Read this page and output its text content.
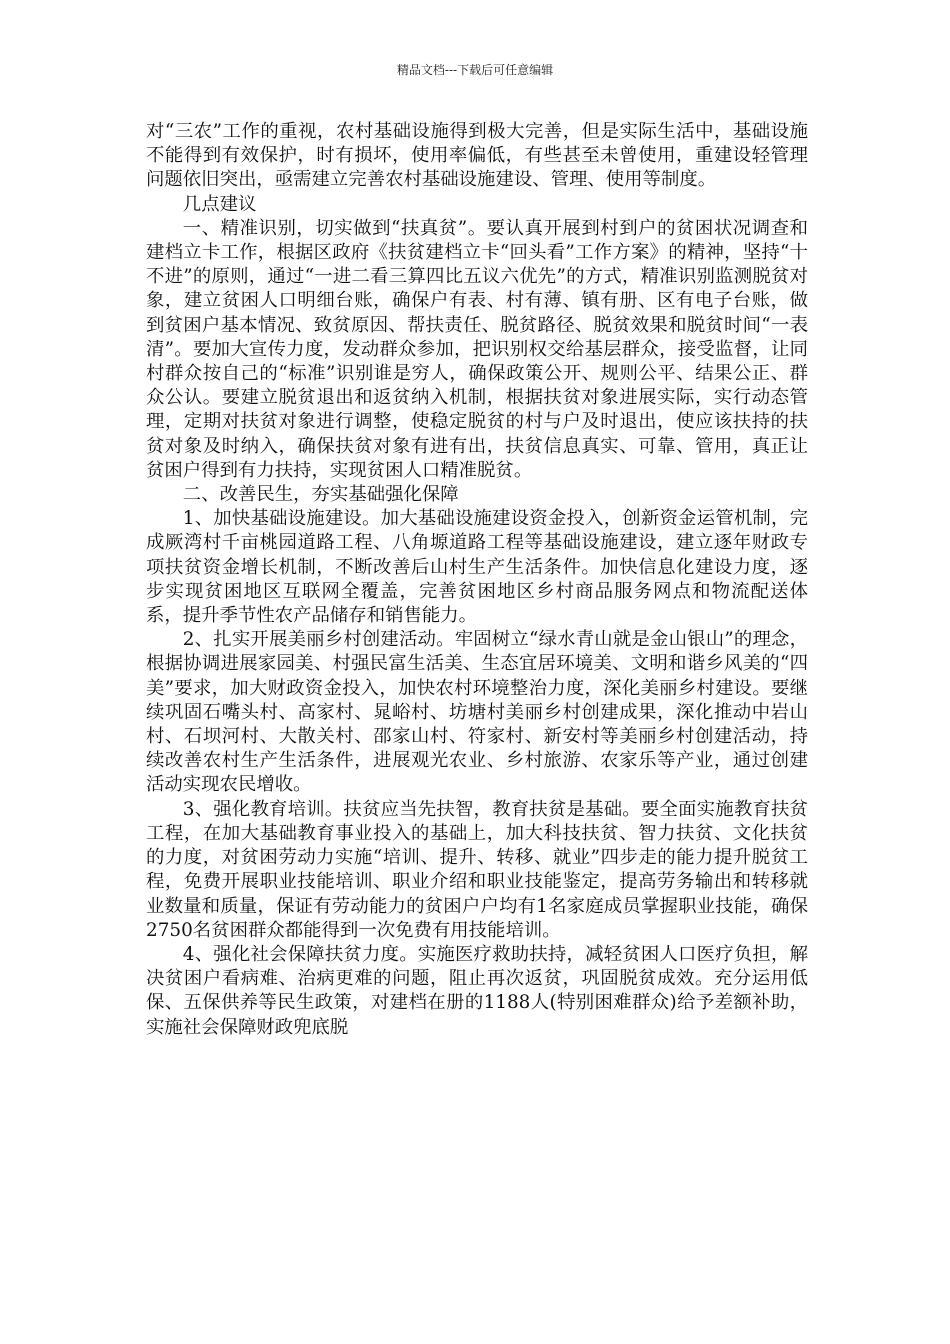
精品文档---下载后可任意编辑

对“三农”工作的重视，农村基础设施得到极大完善，但是实际生活中，基础设施不能得到有效保护，时有损坏，使用率偏低，有些甚至未曾使用，重建设轻管理问题依旧突出，亟需建立完善农村基础设施建设、管理、使用等制度。

几点建议

一、精准识别，切实做到“扶真贫”。要认真开展到村到户的贫困状况调查和建档立卡工作，根据区政府《扶贫建档立卡“回头看”工作方案》的精神，坚持“十不进”的原则，通过“一进二看三算四比五议六优先”的方式，精准识别监测脱贫对象，建立贫困人口明细台账，确保户有表、村有薄、镇有册、区有电子台账，做到贫困户基本情况、致贫原因、帮扶责任、脱贫路径、脱贫效果和脱贫时间“一表清”。要加大宣传力度，发动群众参加，把识别权交给基层群众，接受监督，让同村群众按自己的“标准”识别谁是穷人，确保政策公开、规则公平、结果公正、群众公认。要建立脱贫退出和返贫纳入机制，根据扶贫对象进展实际，实行动态管理，定期对扶贫对象进行调整，使稳定脱贫的村与户及时退出，使应该扶持的扶贫对象及时纳入，确保扶贫对象有进有出，扶贫信息真实、可靠、管用，真正让贫困户得到有力扶持，实现贫困人口精准脱贫。

二、改善民生，夯实基础强化保障

1、加快基础设施建设。加大基础设施建设资金投入，创新资金运管机制，完成厥湾村千亩桃园道路工程、八角塬道路工程等基础设施建设，建立逐年财政专项扶贫资金增长机制，不断改善后山村生产生活条件。加快信息化建设力度，逐步实现贫困地区互联网全覆盖，完善贫困地区乡村商品服务网点和物流配送体系，提升季节性农产品储存和销售能力。

2、扎实开展美丽乡村创建活动。牢固树立“绿水青山就是金山银山”的理念，根据协调进展家园美、村强民富生活美、生态宜居环境美、文明和谐乡风美的“四美”要求，加大财政资金投入，加快农村环境整治力度，深化美丽乡村建设。要继续巩固石嘴头村、高家村、晁峪村、坊塘村美丽乡村创建成果，深化推动中岩山村、石坝河村、大散关村、邵家山村、符家村、新安村等美丽乡村创建活动，持续改善农村生产生活条件，进展观光农业、乡村旅游、农家乐等产业，通过创建活动实现农民增收。

3、强化教育培训。扶贫应当先扶智，教育扶贫是基础。要全面实施教育扶贫工程，在加大基础教育事业投入的基础上，加大科技扶贫、智力扶贫、文化扶贫的力度，对贫困劳动力实施“培训、提升、转移、就业”四步走的能力提升脱贫工程，免费开展职业技能培训、职业介绍和职业技能鉴定，提高劳务输出和转移就业数量和质量，保证有劳动能力的贫困户户均有1名家庭成员掌握职业技能，确保2750名贫困群众都能得到一次免费有用技能培训。

4、强化社会保障扶贫力度。实施医疗救助扶持，减轻贫困人口医疗负担，解决贫困户看病难、治病更难的问题，阻止再次返贫，巩固脱贫成效。充分运用低保、五保供养等民生政策，对建档在册的1188人(特别困难群众)给予差额补助，实施社会保障财政兜底脱
